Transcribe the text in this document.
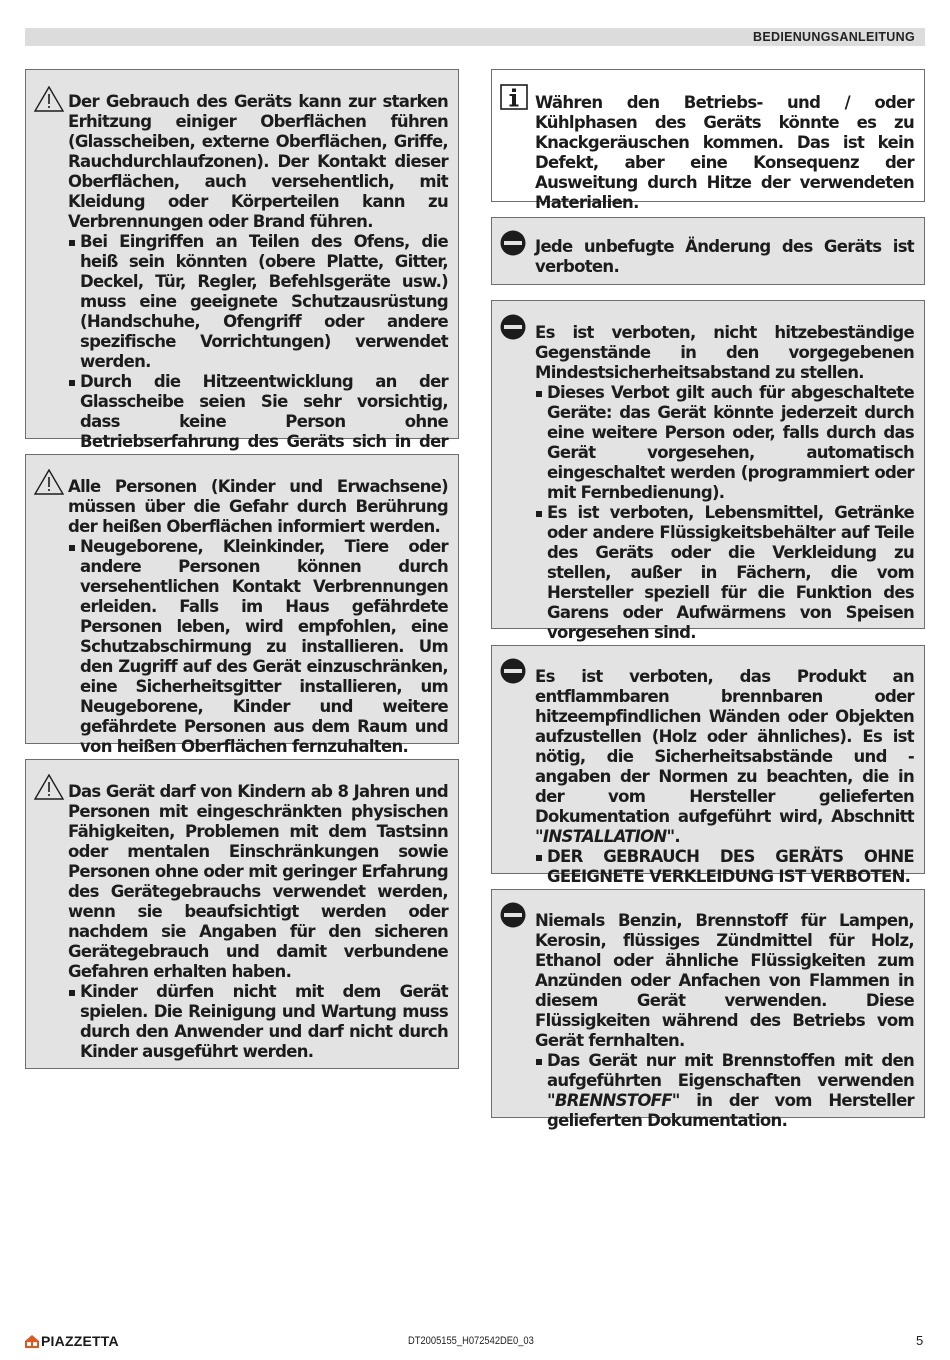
BEDIENUNGSANLEITUNG

Der Gebrauch des Geräts kann zur starken Erhitzung einiger Oberflächen führen (Glasscheiben, externe Oberflächen, Griffe, Rauchdurchlaufzonen). Der Kontakt dieser Oberflächen, auch versehentlich, mit Kleidung oder Körperteilen kann zu Verbrennungen oder Brand führen.

Bei Eingriffen an Teilen des Ofens, die heiß sein könnten (obere Platte, Gitter, Deckel, Tür, Regler, Befehlsgeräte usw.) muss eine geeignete Schutzausrüstung (Handschuhe, Ofengriff oder andere spezifische Vorrichtungen) verwendet werden.

Durch die Hitzeentwicklung an der Glasscheibe seien Sie sehr vorsichtig, dass keine Person ohne Betriebserfahrung des Geräts sich in der

Alle Personen (Kinder und Erwachsene) müssen über die Gefahr durch Berührung der heißen Oberflächen informiert werden.

Neugeborene, Kleinkinder, Tiere oder andere Personen können durch versehentlichen Kontakt Verbrennungen erleiden. Falls im Haus gefährdete Personen leben, wird empfohlen, eine Schutzabschirmung zu installieren. Um den Zugriff auf des Gerät einzuschränken, eine Sicherheitsgitter installieren, um Neugeborene, Kinder und weitere gefährdete Personen aus dem Raum und von heißen Oberflächen fernzuhalten.

Das Gerät darf von Kindern ab 8 Jahren und Personen mit eingeschränkten physischen Fähigkeiten, Problemen mit dem Tastsinn oder mentalen Einschränkungen sowie Personen ohne oder mit geringer Erfahrung des Gerätegebrauchs verwendet werden, wenn sie beaufsichtigt werden oder nachdem sie Angaben für den sicheren Gerätegebrauch und damit verbundene Gefahren erhalten haben.

Kinder dürfen nicht mit dem Gerät spielen. Die Reinigung und Wartung muss durch den Anwender und darf nicht durch Kinder ausgeführt werden.

Währen den Betriebs- und / oder Kühlphasen des Geräts könnte es zu Knackgeräuschen kommen. Das ist kein Defekt, aber eine Konsequenz der Ausweitung durch Hitze der verwendeten Materialien.

Jede unbefugte Änderung des Geräts ist verboten.

Es ist verboten, nicht hitzebeständige Gegenstände in den vorgegebenen Mindestsicherheitsabstand zu stellen.

Dieses Verbot gilt auch für abgeschaltete Geräte: das Gerät könnte jederzeit durch eine weitere Person oder, falls durch das Gerät vorgesehen, automatisch eingeschaltet werden (programmiert oder mit Fernbedienung).

Es ist verboten, Lebensmittel, Getränke oder andere Flüssigkeitsbehälter auf Teile des Geräts oder die Verkleidung zu stellen, außer in Fächern, die vom Hersteller speziell für die Funktion des Garens oder Aufwärmens von Speisen vorgesehen sind.

Es ist verboten, das Produkt an entflammbaren brennbaren oder hitzeempfindlichen Wänden oder Objekten aufzustellen (Holz oder ähnliches). Es ist nötig, die Sicherheitsabstände und -angaben der Normen zu beachten, die in der vom Hersteller gelieferten Dokumentation aufgeführt wird, Abschnitt "INSTALLATION".

DER GEBRAUCH DES GERÄTS OHNE GEEIGNETE VERKLEIDUNG IST VERBOTEN.

Niemals Benzin, Brennstoff für Lampen, Kerosin, flüssiges Zündmittel für Holz, Ethanol oder ähnliche Flüssigkeiten zum Anzünden oder Anfachen von Flammen in diesem Gerät verwenden. Diese Flüssigkeiten während des Betriebs vom Gerät fernhalten.

Das Gerät nur mit Brennstoffen mit den aufgeführten Eigenschaften verwenden "BRENNSTOFF" in der vom Hersteller gelieferten Dokumentation.

PIAZZETTA	DT2005155_H072542DE0_03	5
